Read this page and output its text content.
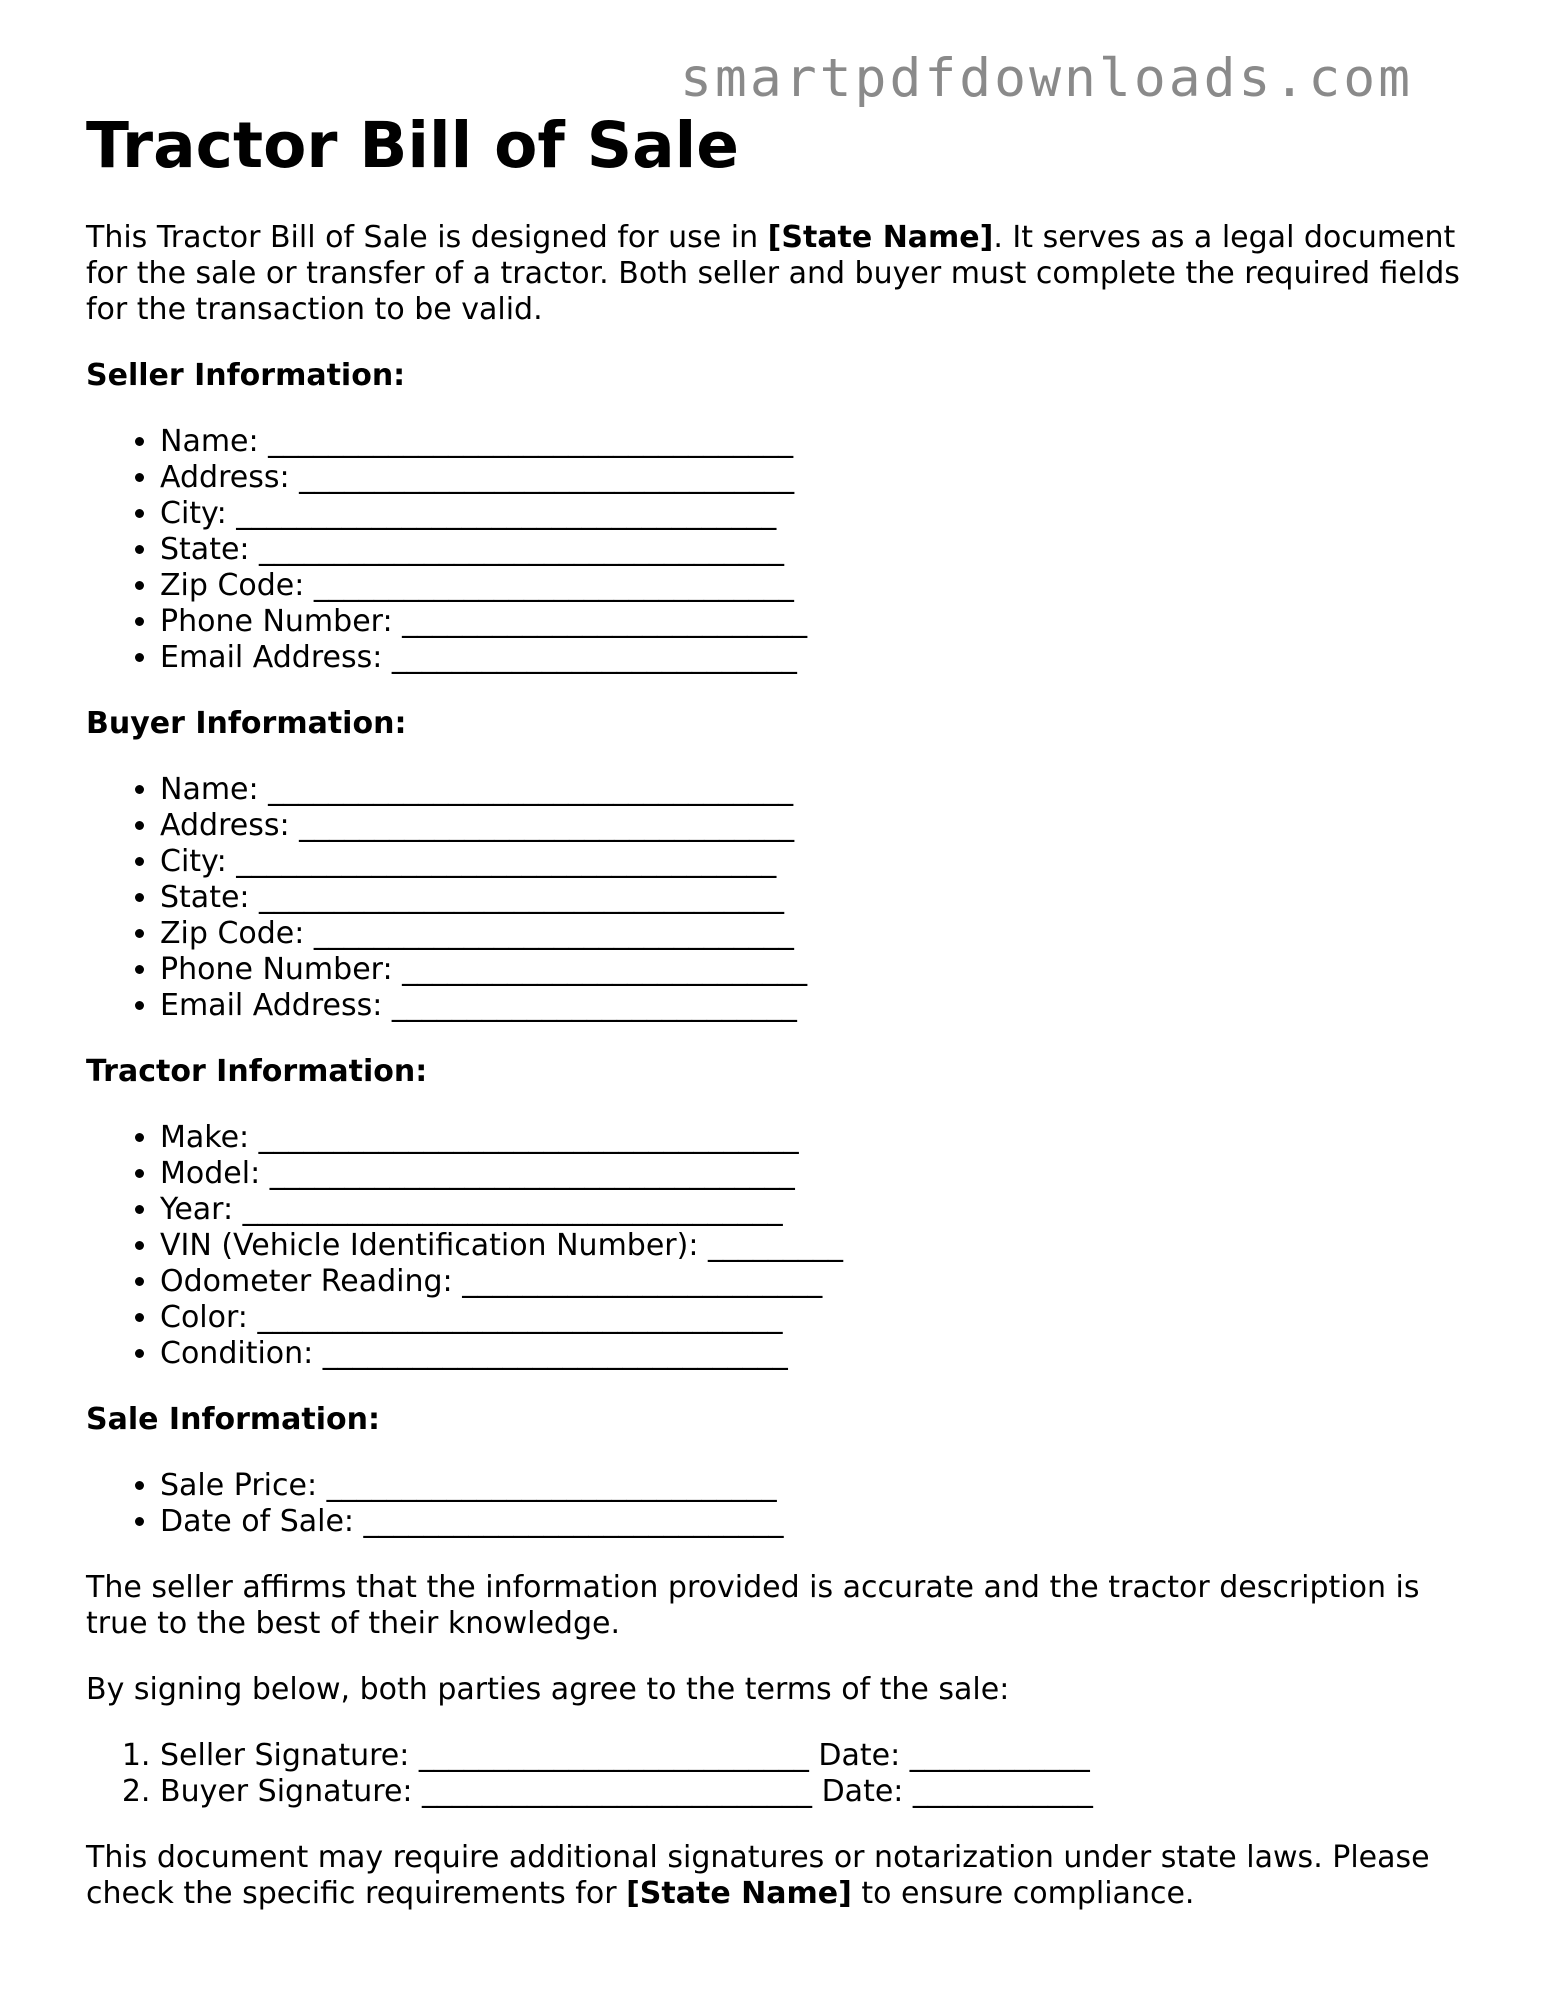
smartpdfdownloads.com
Tractor Bill of Sale

This Tractor Bill of Sale is designed for use in [State Name]. It serves as a legal document for the sale or transfer of a tractor. Both seller and buyer must complete the required fields for the transaction to be valid.

Seller Information:
• Name: ___________________________________
• Address: _________________________________
• City: ____________________________________
• State: ___________________________________
• Zip Code: ________________________________
• Phone Number: ___________________________
• Email Address: ___________________________
Buyer Information:
• Name: ___________________________________
• Address: _________________________________
• City: ____________________________________
• State: ___________________________________
• Zip Code: ________________________________
• Phone Number: ___________________________
• Email Address: ___________________________
Tractor Information:
• Make: ____________________________________
• Model: ___________________________________
• Year: ____________________________________
• VIN (Vehicle Identification Number): _________
• Odometer Reading: ________________________
• Color: ___________________________________
• Condition: _______________________________
Sale Information:
• Sale Price: ______________________________
• Date of Sale: ____________________________

The seller affirms that the information provided is accurate and the tractor description is true to the best of their knowledge.

By signing below, both parties agree to the terms of the sale:

1. Seller Signature: __________________________ Date: ____________
2. Buyer Signature: __________________________ Date: ____________

This document may require additional signatures or notarization under state laws. Please check the specific requirements for [State Name] to ensure compliance.
